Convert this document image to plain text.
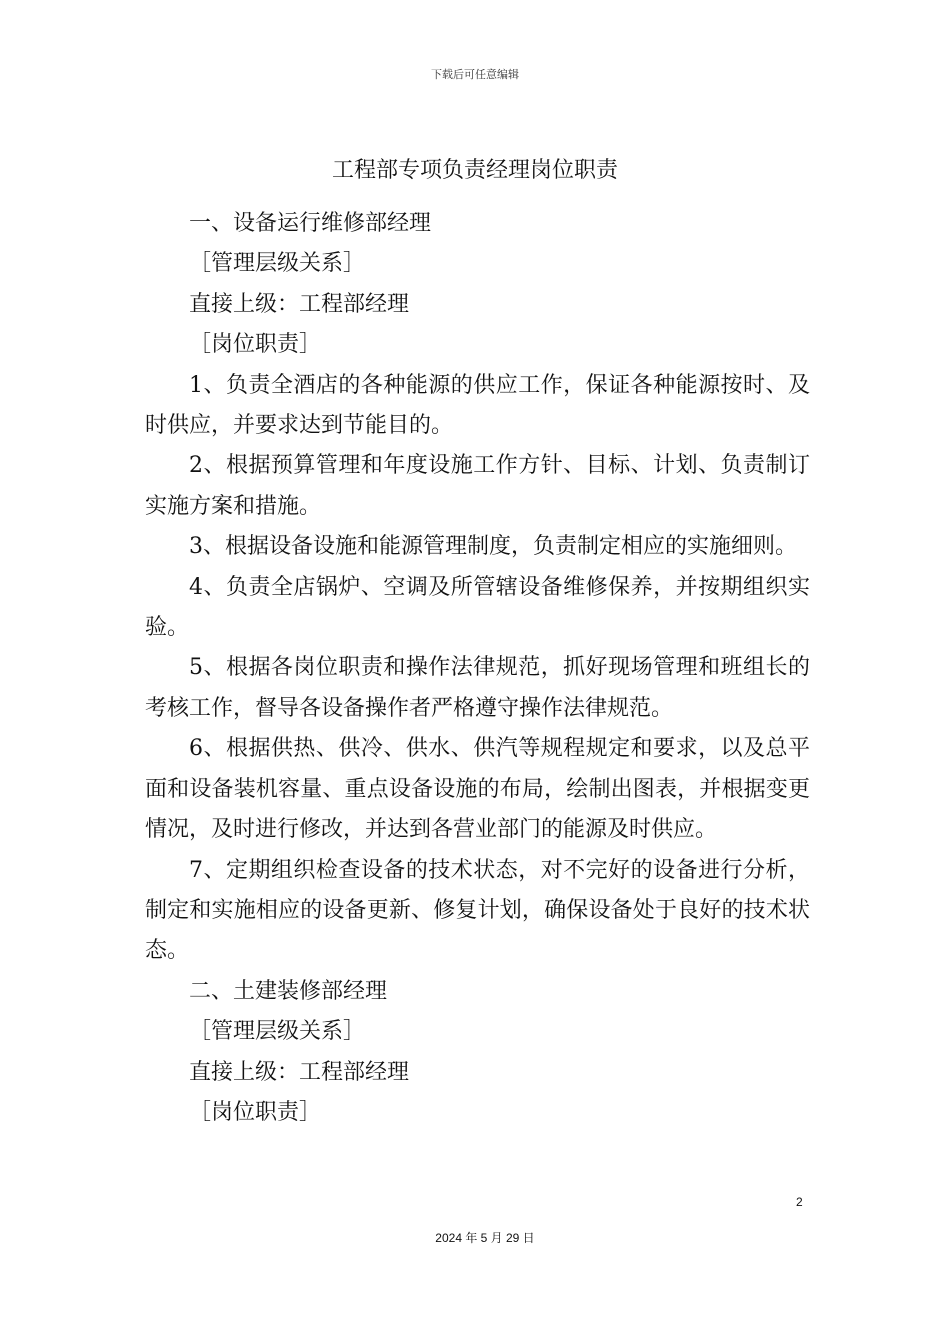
下载后可任意编辑
工程部专项负责经理岗位职责

一、设备运行维修部经理

［管理层级关系］

直接上级：工程部经理

［岗位职责］

1、负责全酒店的各种能源的供应工作，保证各种能源按时、及时供应，并要求达到节能目的。

2、根据预算管理和年度设施工作方针、目标、计划、负责制订实施方案和措施。

3、根据设备设施和能源管理制度，负责制定相应的实施细则。

4、负责全店锅炉、空调及所管辖设备维修保养，并按期组织实验。

5、根据各岗位职责和操作法律规范，抓好现场管理和班组长的考核工作，督导各设备操作者严格遵守操作法律规范。

6、根据供热、供冷、供水、供汽等规程规定和要求，以及总平面和设备装机容量、重点设备设施的布局，绘制出图表，并根据变更情况，及时进行修改，并达到各营业部门的能源及时供应。

7、定期组织检查设备的技术状态，对不完好的设备进行分析，制定和实施相应的设备更新、修复计划，确保设备处于良好的技术状态。

二、土建装修部经理

［管理层级关系］

直接上级：工程部经理

［岗位职责］

2
2024 年 5 月 29 日
